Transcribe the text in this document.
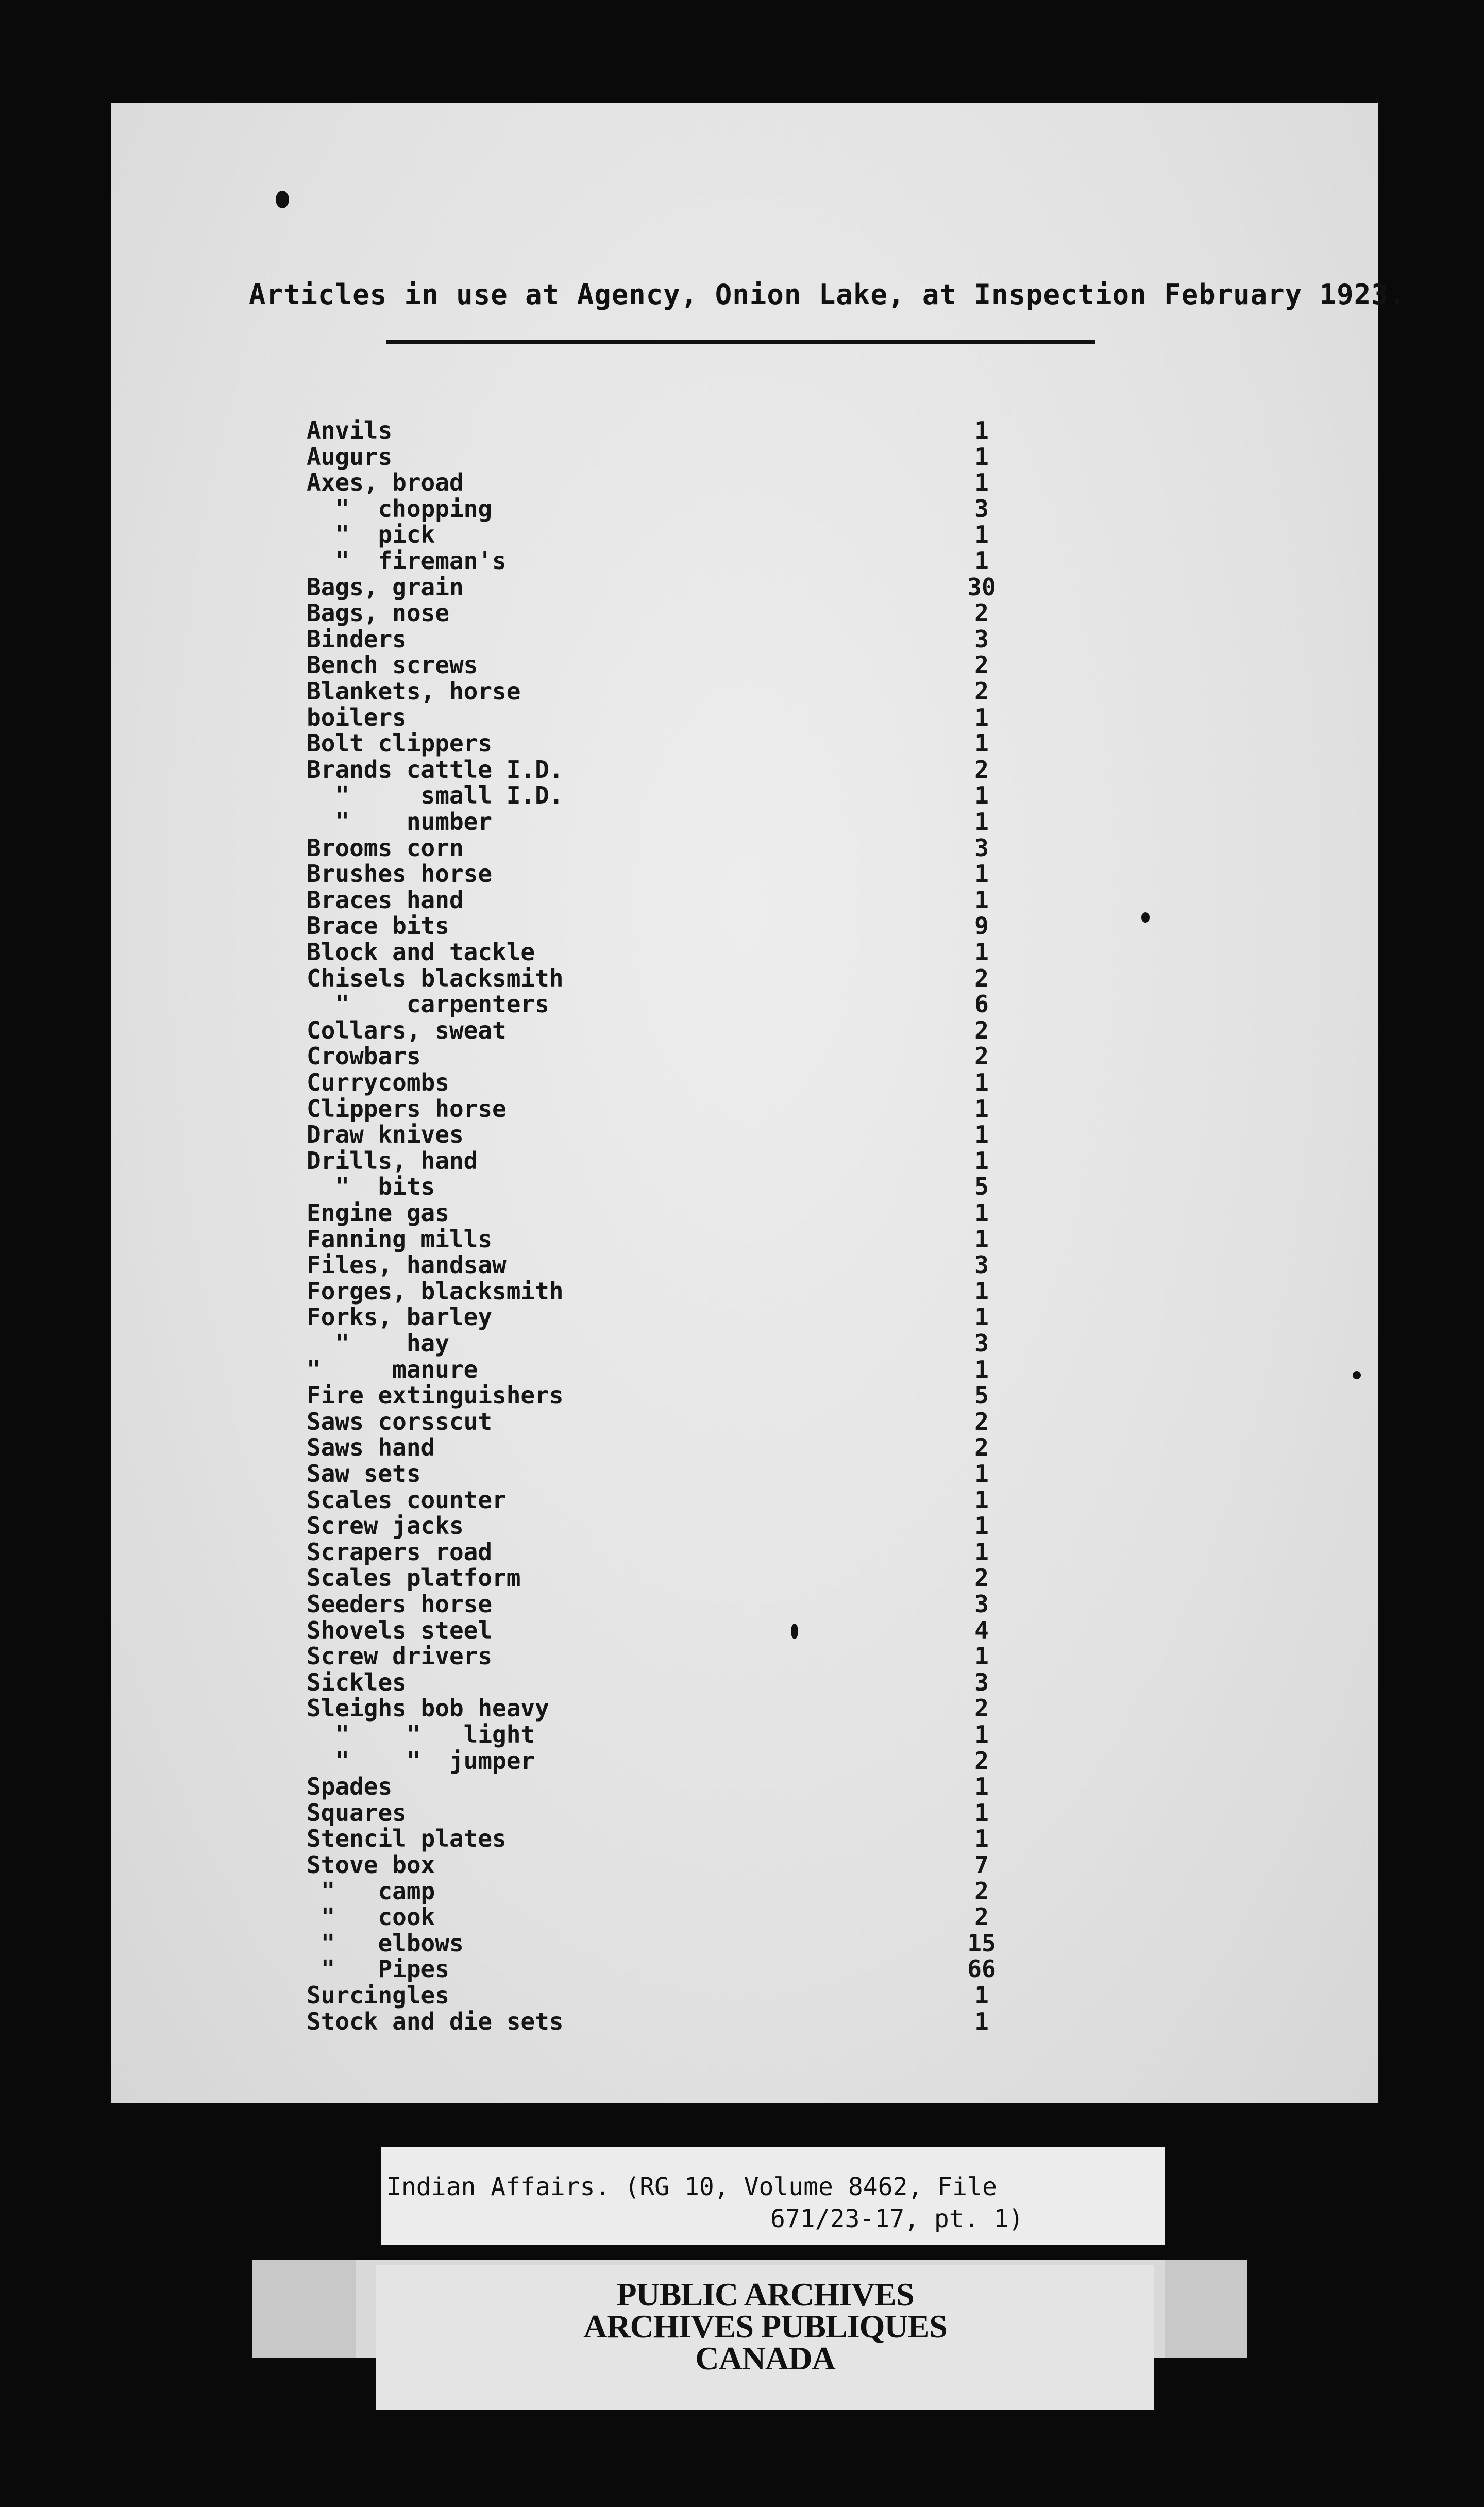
Articles in use at Agency, Onion Lake, at Inspection February 1923.
Anvils	1
Augurs	1
Axes, broad	1
"  chopping	3
"  pick	1
"  fireman's	1
Bags, grain	30
Bags, nose	2
Binders	3
Bench screws	2
Blankets, horse	2
boilers	1
Bolt clippers	1
Brands cattle I.D.	2
"     small I.D.	1
"    number	1
Brooms corn	3
Brushes horse	1
Braces hand	1
Brace bits	9
Block and tackle	1
Chisels blacksmith	2
"    carpenters	6
Collars, sweat	2
Crowbars	2
Currycombs	1
Clippers horse	1
Draw knives	1
Drills, hand	1
"  bits	5
Engine gas	1
Fanning mills	1
Files, handsaw	3
Forges, blacksmith	1
Forks, barley	1
"    hay	3
"     manure	1
Fire extinguishers	5
Saws corsscut	2
Saws hand	2
Saw sets	1
Scales counter	1
Screw jacks	1
Scrapers road	1
Scales platform	2
Seeders horse	3
Shovels steel	4
Screw drivers	1
Sickles	3
Sleighs bob heavy	2
"    "   light	1
"    "  jumper	2
Spades	1
Squares	1
Stencil plates	1
Stove box	7
"   camp	2
"   cook	2
"   elbows	15
"   Pipes	66
Surcingles	1
Stock and die sets	1
Indian Affairs. (RG 10, Volume 8462, File
671/23-17, pt. 1)
PUBLIC ARCHIVES
ARCHIVES PUBLIQUES
CANADA
